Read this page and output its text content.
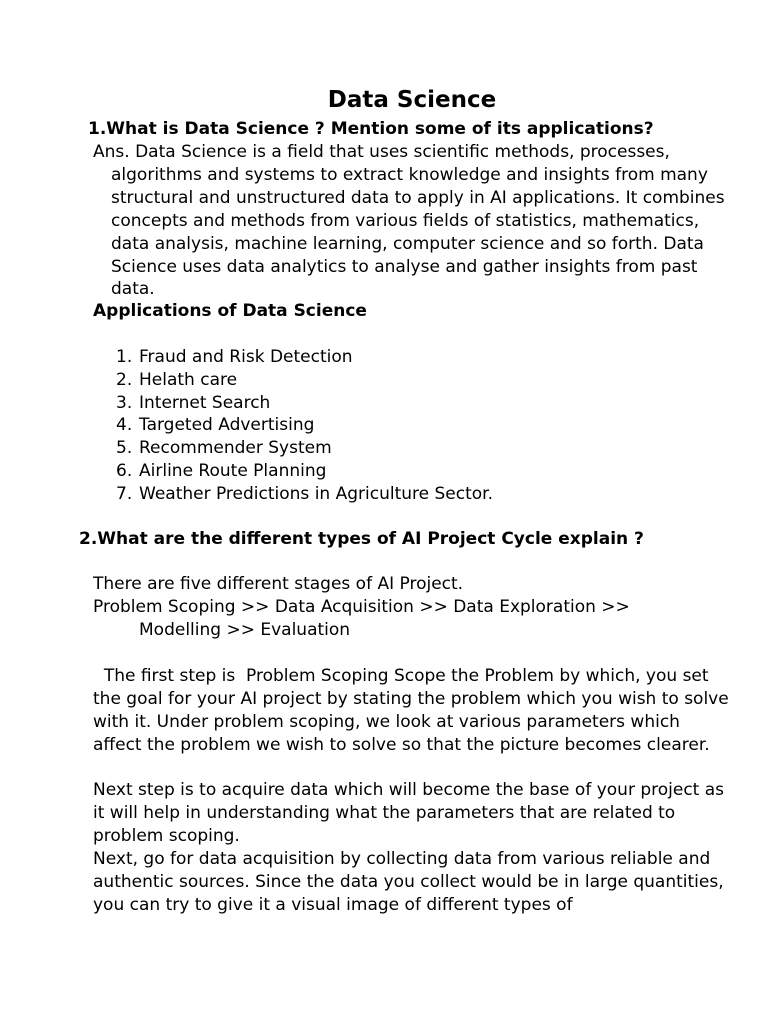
Data Science
1.What is Data Science ? Mention some of its applications?
Ans. Data Science is a field that uses scientific methods, processes,
algorithms and systems to extract knowledge and insights from many structural and unstructured data to apply in AI applications. It combines concepts and methods from various fields of statistics, mathematics, data analysis, machine learning, computer science and so forth. Data Science uses data analytics to analyse and gather insights from past data.
Applications of Data Science
1. Fraud and Risk Detection
2. Helath care
3. Internet Search
4. Targeted Advertising
5. Recommender System
6. Airline Route Planning
7. Weather Predictions in Agriculture Sector.
2.What are the different types of AI Project Cycle explain ?
There are five different stages of AI Project.
Problem Scoping >> Data Acquisition >> Data Exploration >>
Modelling >> Evaluation
The first step is  Problem Scoping Scope the Problem by which, you set the goal for your AI project by stating the problem which you wish to solve with it. Under problem scoping, we look at various parameters which affect the problem we wish to solve so that the picture becomes clearer.
Next step is to acquire data which will become the base of your project as it will help in understanding what the parameters that are related to problem scoping.
Next, go for data acquisition by collecting data from various reliable and authentic sources. Since the data you collect would be in large quantities, you can try to give it a visual image of different types of
